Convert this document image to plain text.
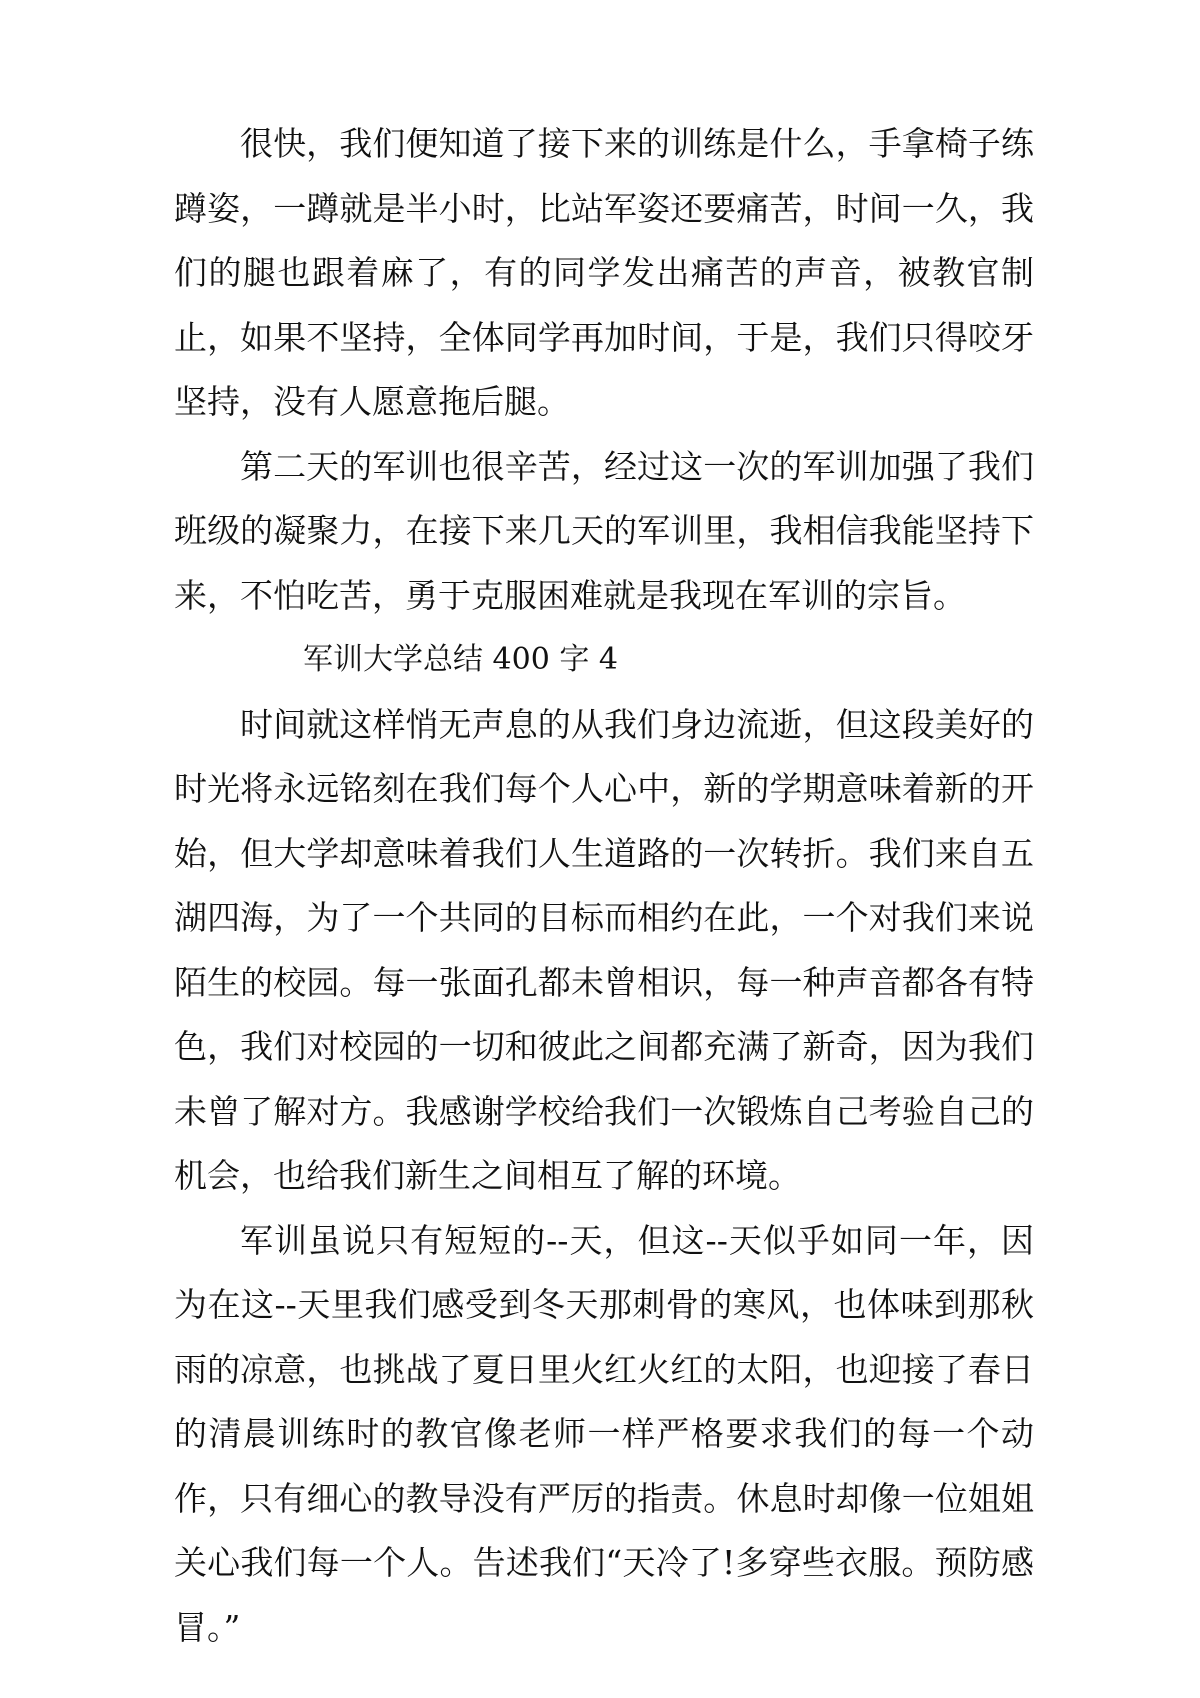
很快，我们便知道了接下来的训练是什么，手拿椅子练蹲姿，一蹲就是半小时，比站军姿还要痛苦，时间一久，我们的腿也跟着麻了，有的同学发出痛苦的声音，被教官制止，如果不坚持，全体同学再加时间，于是，我们只得咬牙坚持，没有人愿意拖后腿。

第二天的军训也很辛苦，经过这一次的军训加强了我们班级的凝聚力，在接下来几天的军训里，我相信我能坚持下来，不怕吃苦，勇于克服困难就是我现在军训的宗旨。

军训大学总结 400 字 4

时间就这样悄无声息的从我们身边流逝，但这段美好的时光将永远铭刻在我们每个人心中，新的学期意味着新的开始，但大学却意味着我们人生道路的一次转折。我们来自五湖四海，为了一个共同的目标而相约在此，一个对我们来说陌生的校园。每一张面孔都未曾相识，每一种声音都各有特色，我们对校园的一切和彼此之间都充满了新奇，因为我们未曾了解对方。我感谢学校给我们一次锻炼自己考验自己的机会，也给我们新生之间相互了解的环境。

军训虽说只有短短的--天，但这--天似乎如同一年，因为在这--天里我们感受到冬天那刺骨的寒风，也体味到那秋雨的凉意，也挑战了夏日里火红火红的太阳，也迎接了春日的清晨训练时的教官像老师一样严格要求我们的每一个动作，只有细心的教导没有严厉的指责。休息时却像一位姐姐关心我们每一个人。告述我们“天冷了!多穿些衣服。预防感冒。”
